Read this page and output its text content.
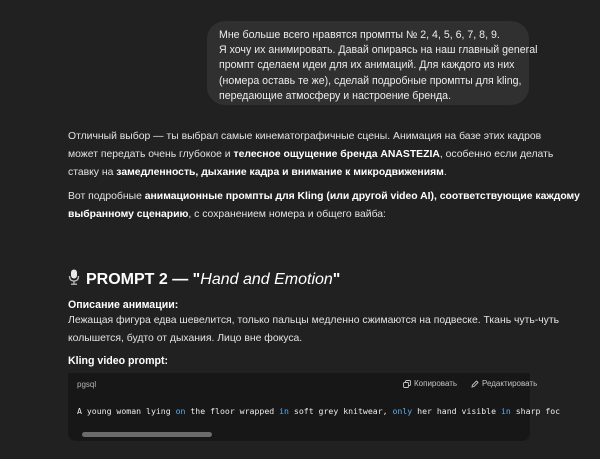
Мне больше всего нравятся промпты № 2, 4, 5, 6, 7, 8, 9.

Я хочу их анимировать. Давай опираясь на наш главный general

промпт сделаем идеи для их анимаций. Для каждого из них

(номера оставь те же), сделай подробные промпты для kling,

передающие атмосферу и настроение бренда.

Отличный выбор — ты выбрал самые кинематографичные сцены. Анимация на базе этих кадров

может передать очень глубокое и телесное ощущение бренда ANASTEZIA, особенно если делать

ставку на замедленность, дыхание кадра и внимание к микродвижениям.

Вот подробные анимационные промпты для Kling (или другой video AI), соответствующие каждому

выбранному сценарию, с сохранением номера и общего вайба:

PROMPT 2 — " Hand and Emotion "
Описание анимации:
Лежащая фигура едва шевелится, только пальцы медленно сжимаются на подвеске. Ткань чуть-чуть
колышется, будто от дыхания. Лицо вне фокуса.
Kling video prompt:
pgsql	Копировать	Редактировать
A young woman lying on the floor wrapped in soft grey knitwear, only her hand visible in sharp foc
